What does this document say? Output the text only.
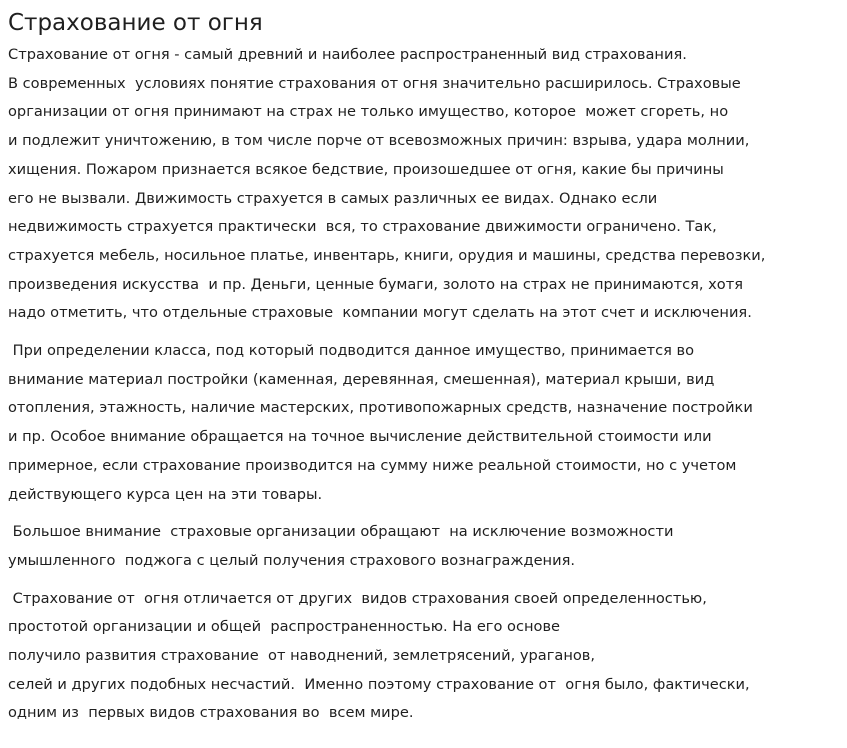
Страхование от огня

Страхование от огня - самый древний и наиболее распространенный вид страхования.
В современных  условиях понятие страхования от огня значительно расширилось. Страховые
организации от огня принимают на страх не только имущество, которое  может сгореть, но
и подлежит уничтожению, в том числе порче от всевозможных причин: взрыва, удара молнии,
хищения. Пожаром признается всякое бедствие, произошедшее от огня, какие бы причины
его не вызвали. Движимость страхуется в самых различных ее видах. Однако если
недвижимость страхуется практически  вся, то страхование движимости ограничено. Так,
страхуется мебель, носильное платье, инвентарь, книги, орудия и машины, средства перевозки,
произведения искусства  и пр. Деньги, ценные бумаги, золото на страх не принимаются, хотя
надо отметить, что отдельные страховые  компании могут сделать на этот счет и исключения.

При определении класса, под который подводится данное имущество, принимается во
внимание материал постройки (каменная, деревянная, смешенная), материал крыши, вид
отопления, этажность, наличие мастерских, противопожарных средств, назначение постройки
и пр. Особое внимание обращается на точное вычисление действительной стоимости или
примерное, если страхование производится на сумму ниже реальной стоимости, но с учетом
действующего курса цен на эти товары.

Большое внимание  страховые организации обращают  на исключение возможности
умышленного  поджога с целый получения страхового вознаграждения.

Страхование от  огня отличается от других  видов страхования своей определенностью,
простотой организации и общей  распространенностью. На его основе
получило развития страхование  от наводнений, землетрясений, ураганов,
селей и других подобных несчастий.  Именно поэтому страхование от  огня было, фактически,
одним из  первых видов страхования во  всем мире.
